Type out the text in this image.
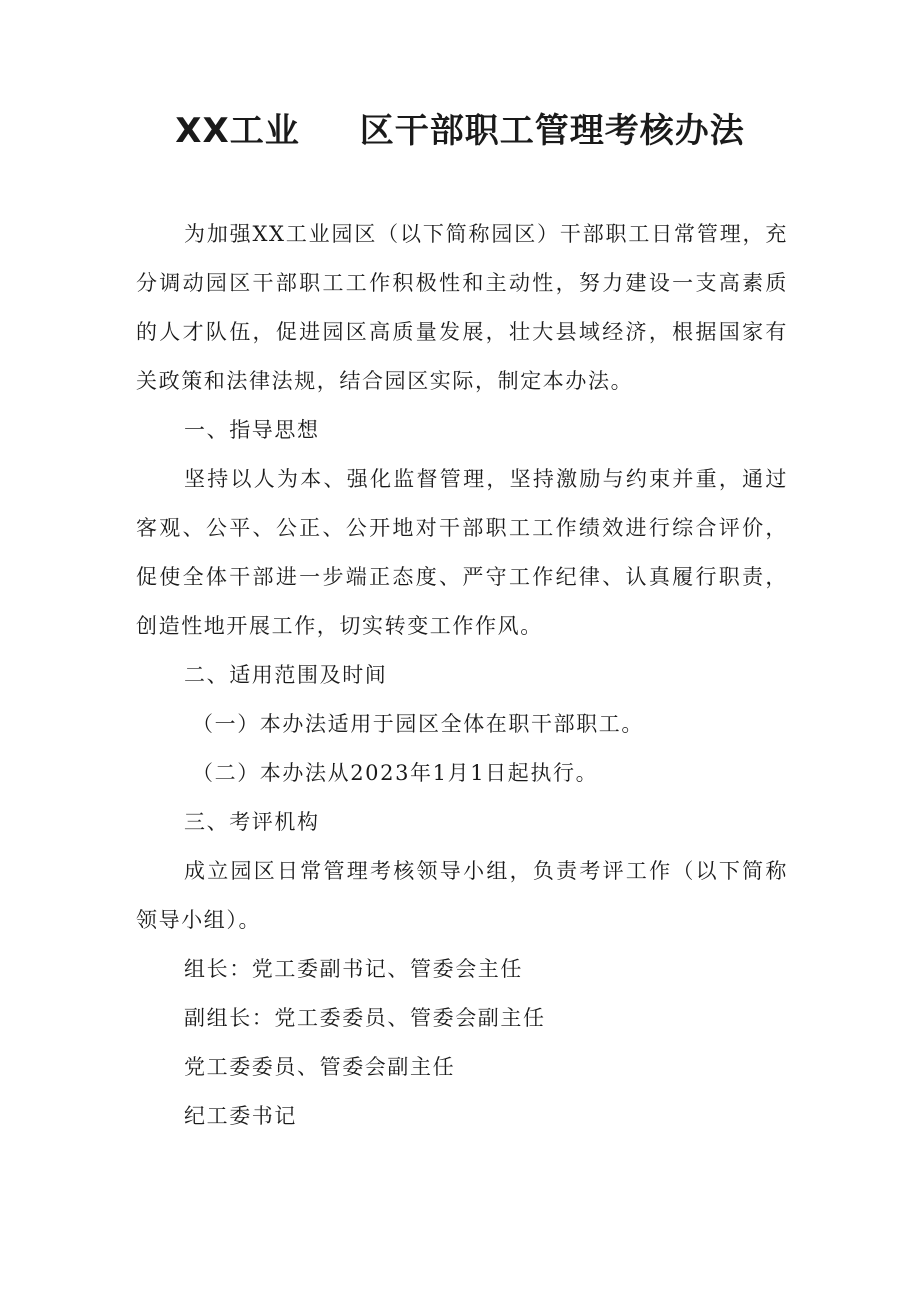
XX工业 区干部职工管理考核办法

为加强XX工业园区（以下简称园区）干部职工日常管理，充分调动园区干部职工工作积极性和主动性，努力建设一支高素质的人才队伍，促进园区高质量发展，壮大县域经济，根据国家有关政策和法律法规，结合园区实际，制定本办法。

一、指导思想

坚持以人为本、强化监督管理，坚持激励与约束并重，通过客观、公平、公正、公开地对干部职工工作绩效进行综合评价，促使全体干部进一步端正态度、严守工作纪律、认真履行职责，创造性地开展工作，切实转变工作作风。

二、适用范围及时间

（一）本办法适用于园区全体在职干部职工。

（二）本办法从2023年1月1日起执行。

三、考评机构

成立园区日常管理考核领导小组，负责考评工作（以下简称领导小组）。

组长：党工委副书记、管委会主任

副组长：党工委委员、管委会副主任

党工委委员、管委会副主任

纪工委书记
